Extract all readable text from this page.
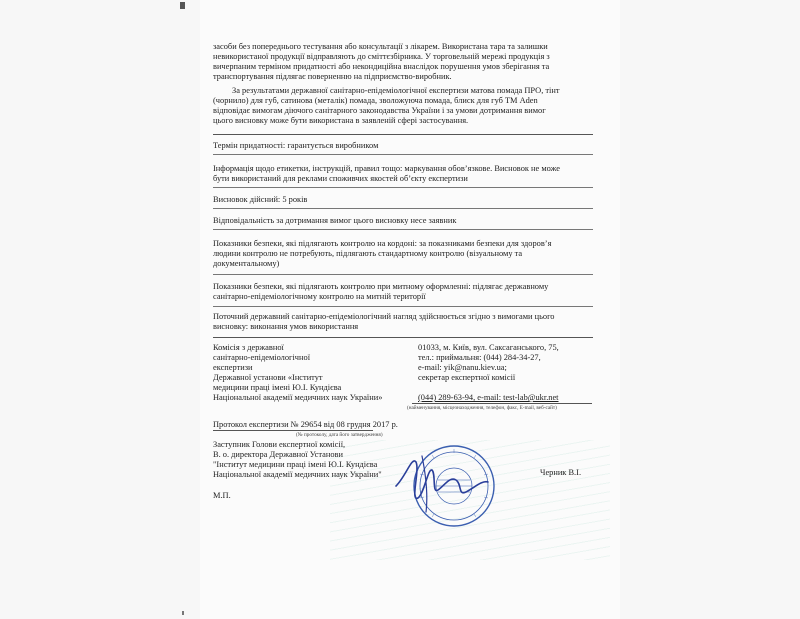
засоби без попереднього тестування або консультації з лікарем. Використана тара та залишки
невикористаної продукції відправляють до сміттєзбірника. У торговельній мережі продукція з
вичерпаним терміном придатності або некондиційна внаслідок порушення умов зберігання та
транспортування підлягає поверненню на підприємство-виробник.
За результатами державної санітарно-епідеміологічної експертизи матова помада ПРО, тінт
(чорнило) для губ, сатинова (металік) помада, зволожуюча помада, блиск для губ ТМ Aden
відповідає вимогам діючого санітарного законодавства України і за умови дотримання вимог
цього висновку може бути використана в заявленій сфері застосування.
Термін придатності: гарантується виробником
Інформація щодо етикетки, інструкцій, правил тощо: маркування обов’язкове. Висновок не може
бути використаний для реклами споживчих якостей об’єкту експертизи
Висновок дійсний: 5 років
Відповідальність за дотримання вимог цього висновку несе заявник
Показники безпеки, які підлягають контролю на кордоні: за показниками безпеки для здоров’я
людини контролю не потребують, підлягають стандартному контролю (візуальному та
документальному)
Показники безпеки, які підлягають контролю при митному оформленні: підлягає державному
санітарно-епідеміологічному контролю на митній території
Поточний державний санітарно-епідеміологічний нагляд здійснюється згідно з вимогами цього
висновку: виконання умов використання
Комісія з державної
санітарно-епідеміологічної
експертизи
Державної установи «Інститут
медицини праці імені Ю.І. Кундієва
Національної академії медичних наук України»
01033, м. Київ, вул. Саксаганського, 75,
тел.: приймальня: (044) 284-34-27,
e-mail: yik@nanu.kiev.ua;
секретар експертної комісії
(044) 289-63-94, e-mail: test-lab@ukr.net
(найменування, місцезнаходження, телефон, факс, E-mail, веб-сайт)
Протокол експертизи № 29654 від 08 грудня 2017 р.
(№ протоколу, дата його затвердження)
Заступник Голови експертної комісії,
В. о. директора Державної Установи
"Інститут медицини праці імені Ю.І. Кундієва
Національної академії медичних наук України"	Черник В.І.
М.П.
